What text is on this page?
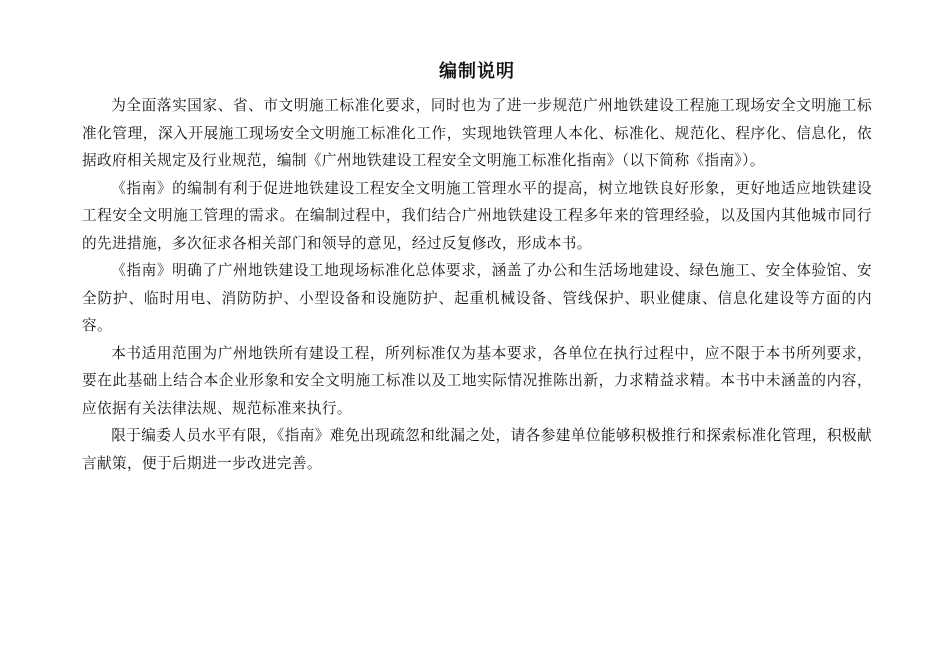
编制说明

为全面落实国家、省、市文明施工标准化要求，同时也为了进一步规范广州地铁建设工程施工现场安全文明施工标准化管理，深入开展施工现场安全文明施工标准化工作，实现地铁管理人本化、标准化、规范化、程序化、信息化，依据政府相关规定及行业规范，编制《广州地铁建设工程安全文明施工标准化指南》（以下简称《指南》）。

《指南》的编制有利于促进地铁建设工程安全文明施工管理水平的提高，树立地铁良好形象，更好地适应地铁建设工程安全文明施工管理的需求。在编制过程中，我们结合广州地铁建设工程多年来的管理经验，以及国内其他城市同行的先进措施，多次征求各相关部门和领导的意见，经过反复修改，形成本书。

《指南》明确了广州地铁建设工地现场标准化总体要求，涵盖了办公和生活场地建设、绿色施工、安全体验馆、安全防护、临时用电、消防防护、小型设备和设施防护、起重机械设备、管线保护、职业健康、信息化建设等方面的内容。

本书适用范围为广州地铁所有建设工程，所列标准仅为基本要求，各单位在执行过程中，应不限于本书所列要求，要在此基础上结合本企业形象和安全文明施工标准以及工地实际情况推陈出新，力求精益求精。本书中未涵盖的内容，应依据有关法律法规、规范标准来执行。

限于编委人员水平有限，《指南》难免出现疏忽和纰漏之处，请各参建单位能够积极推行和探索标准化管理，积极献言献策，便于后期进一步改进完善。
